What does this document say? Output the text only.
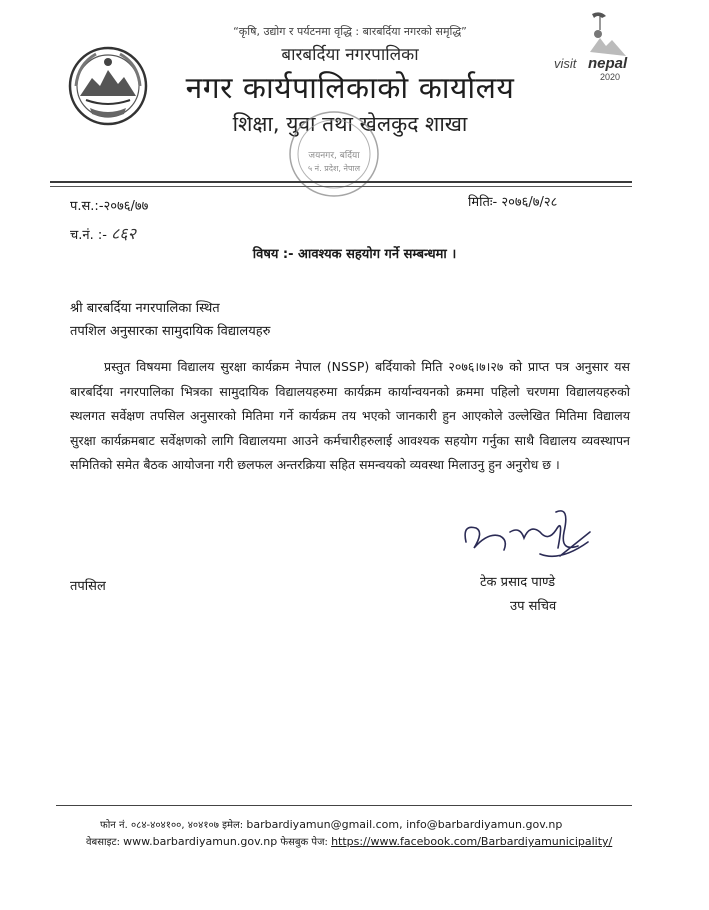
visit nepal
2020
“कृषि, उद्योग र पर्यटनमा वृद्धि : बारबर्दिया नगरको समृद्धि”
बारबर्दिया नगरपालिका
नगर कार्यपालिकाको कार्यालय
शिक्षा, युवा तथा खेलकुद शाखा
जयनगर, बर्दिया
५ नं. प्रदेश, नेपाल
प.स.:-२०७६/७७
च.नं. :- ८६२
मितिः- २०७६/७/२८
विषय :- आवश्यक सहयोग गर्ने सम्बन्धमा ।
श्री बारबर्दिया नगरपालिका स्थित
तपशिल अनुसारका सामुदायिक विद्यालयहरु
प्रस्तुत विषयमा विद्यालय सुरक्षा कार्यक्रम नेपाल (NSSP) बर्दियाको मिति २०७६।७।२७ को प्राप्त पत्र अनुसार यस बारबर्दिया नगरपालिका भित्रका सामुदायिक विद्यालयहरुमा कार्यक्रम कार्यान्वयनको क्रममा पहिलो चरणमा विद्यालयहरुको स्थलगत सर्वेक्षण तपसिल अनुसारको मितिमा गर्ने कार्यक्रम तय भएको जानकारी हुन आएकोले उल्लेखित मितिमा विद्यालय सुरक्षा कार्यक्रमबाट सर्वेक्षणको लागि विद्यालयमा आउने कर्मचारीहरुलाई आवश्यक सहयोग गर्नुका साथै विद्यालय व्यवस्थापन समितिको समेत बैठक आयोजना गरी छलफल अन्तरक्रिया सहित समन्वयको व्यवस्था मिलाउनु हुन अनुरोध छ ।
टेक प्रसाद पाण्डे
उप सचिव
तपसिल
फोन नं. ०८४-४०४१००, ४०४१०७ इमेल: barbardiyamun@gmail.com, info@barbardiyamun.gov.np
वेबसाइट: www.barbardiyamun.gov.np फेसबुक पेज: https://www.facebook.com/Barbardiyamunicipality/
